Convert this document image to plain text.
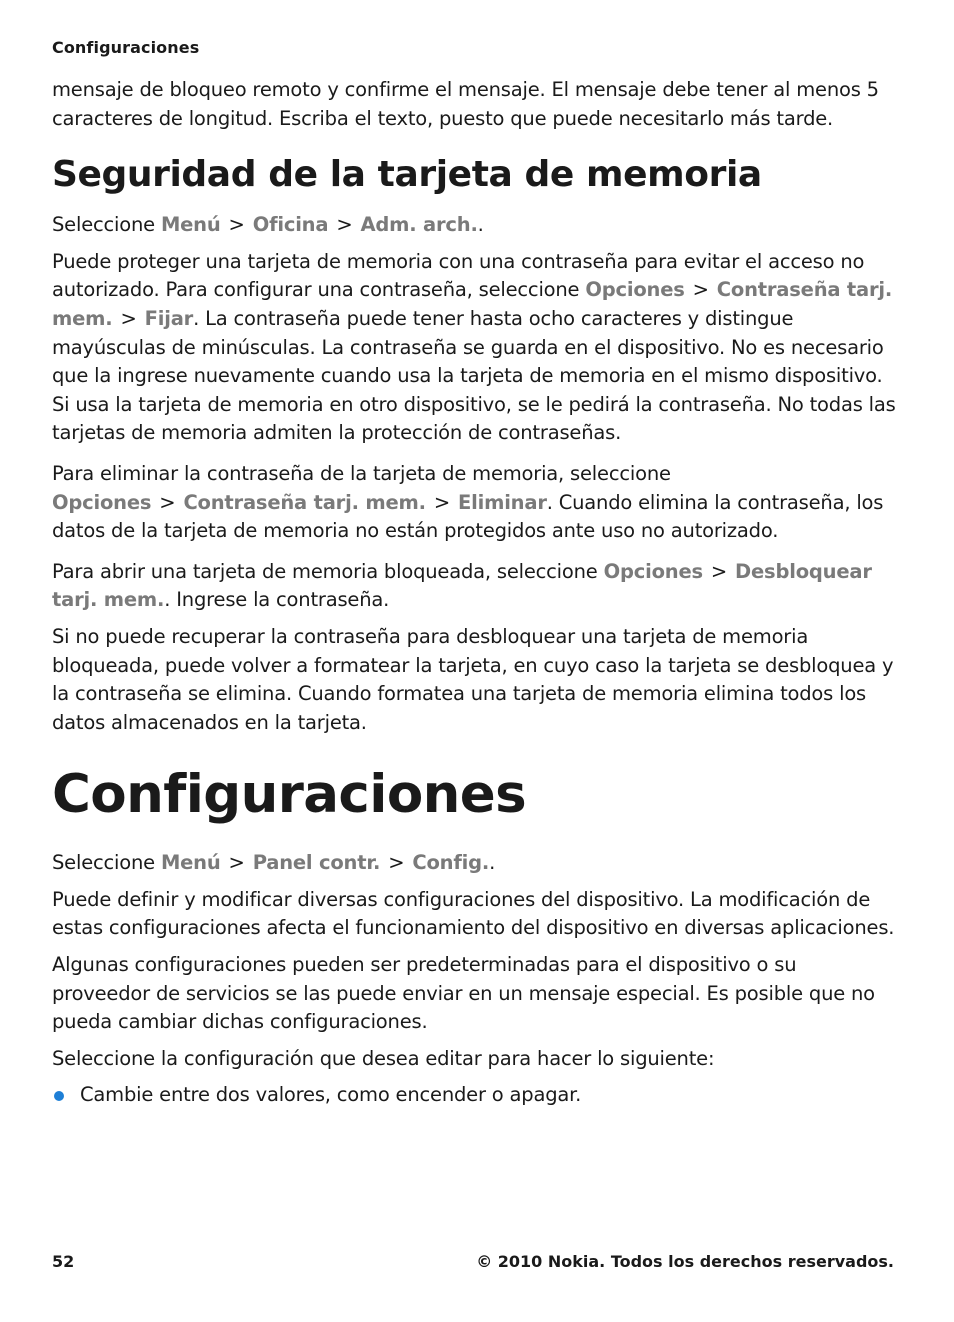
Configuraciones

mensaje de bloqueo remoto y confirme el mensaje. El mensaje debe tener al menos 5 caracteres de longitud. Escriba el texto, puesto que puede necesitarlo más tarde.

Seguridad de la tarjeta de memoria

Seleccione Menú > Oficina > Adm. arch..

Puede proteger una tarjeta de memoria con una contraseña para evitar el acceso no autorizado. Para configurar una contraseña, seleccione Opciones > Contraseña tarj. mem. > Fijar. La contraseña puede tener hasta ocho caracteres y distingue mayúsculas de minúsculas. La contraseña se guarda en el dispositivo. No es necesario que la ingrese nuevamente cuando usa la tarjeta de memoria en el mismo dispositivo. Si usa la tarjeta de memoria en otro dispositivo, se le pedirá la contraseña. No todas las tarjetas de memoria admiten la protección de contraseñas.

Para eliminar la contraseña de la tarjeta de memoria, seleccione Opciones > Contraseña tarj. mem. > Eliminar. Cuando elimina la contraseña, los datos de la tarjeta de memoria no están protegidos ante uso no autorizado.

Para abrir una tarjeta de memoria bloqueada, seleccione Opciones > Desbloquear tarj. mem.. Ingrese la contraseña.

Si no puede recuperar la contraseña para desbloquear una tarjeta de memoria bloqueada, puede volver a formatear la tarjeta, en cuyo caso la tarjeta se desbloquea y la contraseña se elimina. Cuando formatea una tarjeta de memoria elimina todos los datos almacenados en la tarjeta.

Configuraciones

Seleccione Menú > Panel contr. > Config..

Puede definir y modificar diversas configuraciones del dispositivo. La modificación de estas configuraciones afecta el funcionamiento del dispositivo en diversas aplicaciones.

Algunas configuraciones pueden ser predeterminadas para el dispositivo o su proveedor de servicios se las puede enviar en un mensaje especial. Es posible que no pueda cambiar dichas configuraciones.

Seleccione la configuración que desea editar para hacer lo siguiente:

Cambie entre dos valores, como encender o apagar.
52	© 2010 Nokia. Todos los derechos reservados.
